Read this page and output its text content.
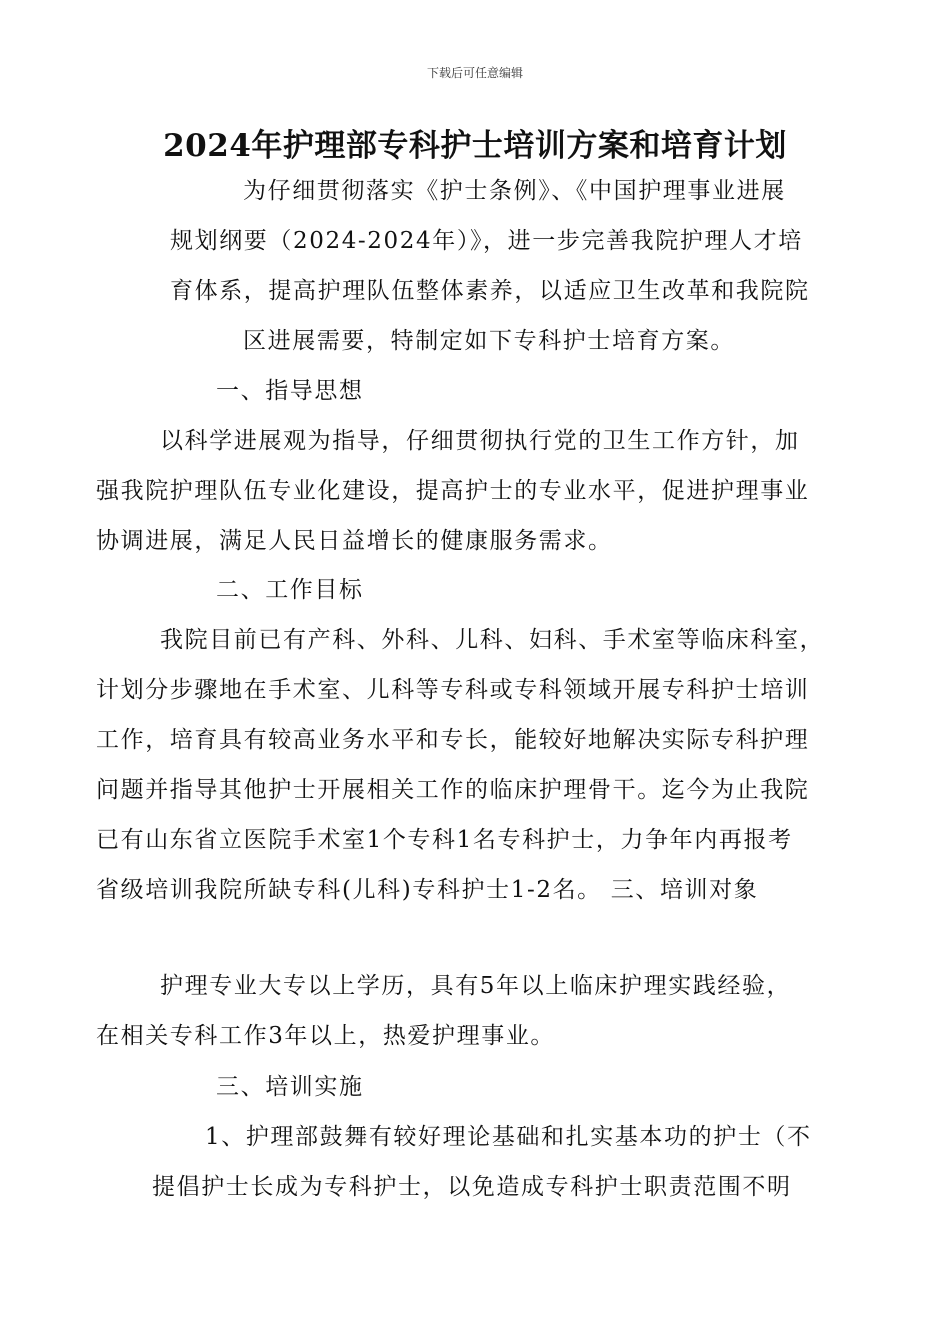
下载后可任意编辑
2024年护理部专科护士培训方案和培育计划
为仔细贯彻落实《护士条例》、《中国护理事业进展
规划纲要（2024-2024年）》，进一步完善我院护理人才培
育体系，提高护理队伍整体素养，以适应卫生改革和我院院
区进展需要，特制定如下专科护士培育方案。
一、指导思想
以科学进展观为指导，仔细贯彻执行党的卫生工作方针，加
强我院护理队伍专业化建设，提高护士的专业水平，促进护理事业
协调进展，满足人民日益增长的健康服务需求。
二、工作目标
我院目前已有产科、外科、儿科、妇科、手术室等临床科室，
计划分步骤地在手术室、儿科等专科或专科领域开展专科护士培训
工作，培育具有较高业务水平和专长，能较好地解决实际专科护理
问题并指导其他护士开展相关工作的临床护理骨干。迄今为止我院
已有山东省立医院手术室1个专科1名专科护士，力争年内再报考
省级培训我院所缺专科(儿科)专科护士1-2名。 三、培训对象
护理专业大专以上学历，具有5年以上临床护理实践经验，
在相关专科工作3年以上，热爱护理事业。
三、培训实施
1、护理部鼓舞有较好理论基础和扎实基本功的护士（不
提倡护士长成为专科护士，以免造成专科护士职责范围不明
